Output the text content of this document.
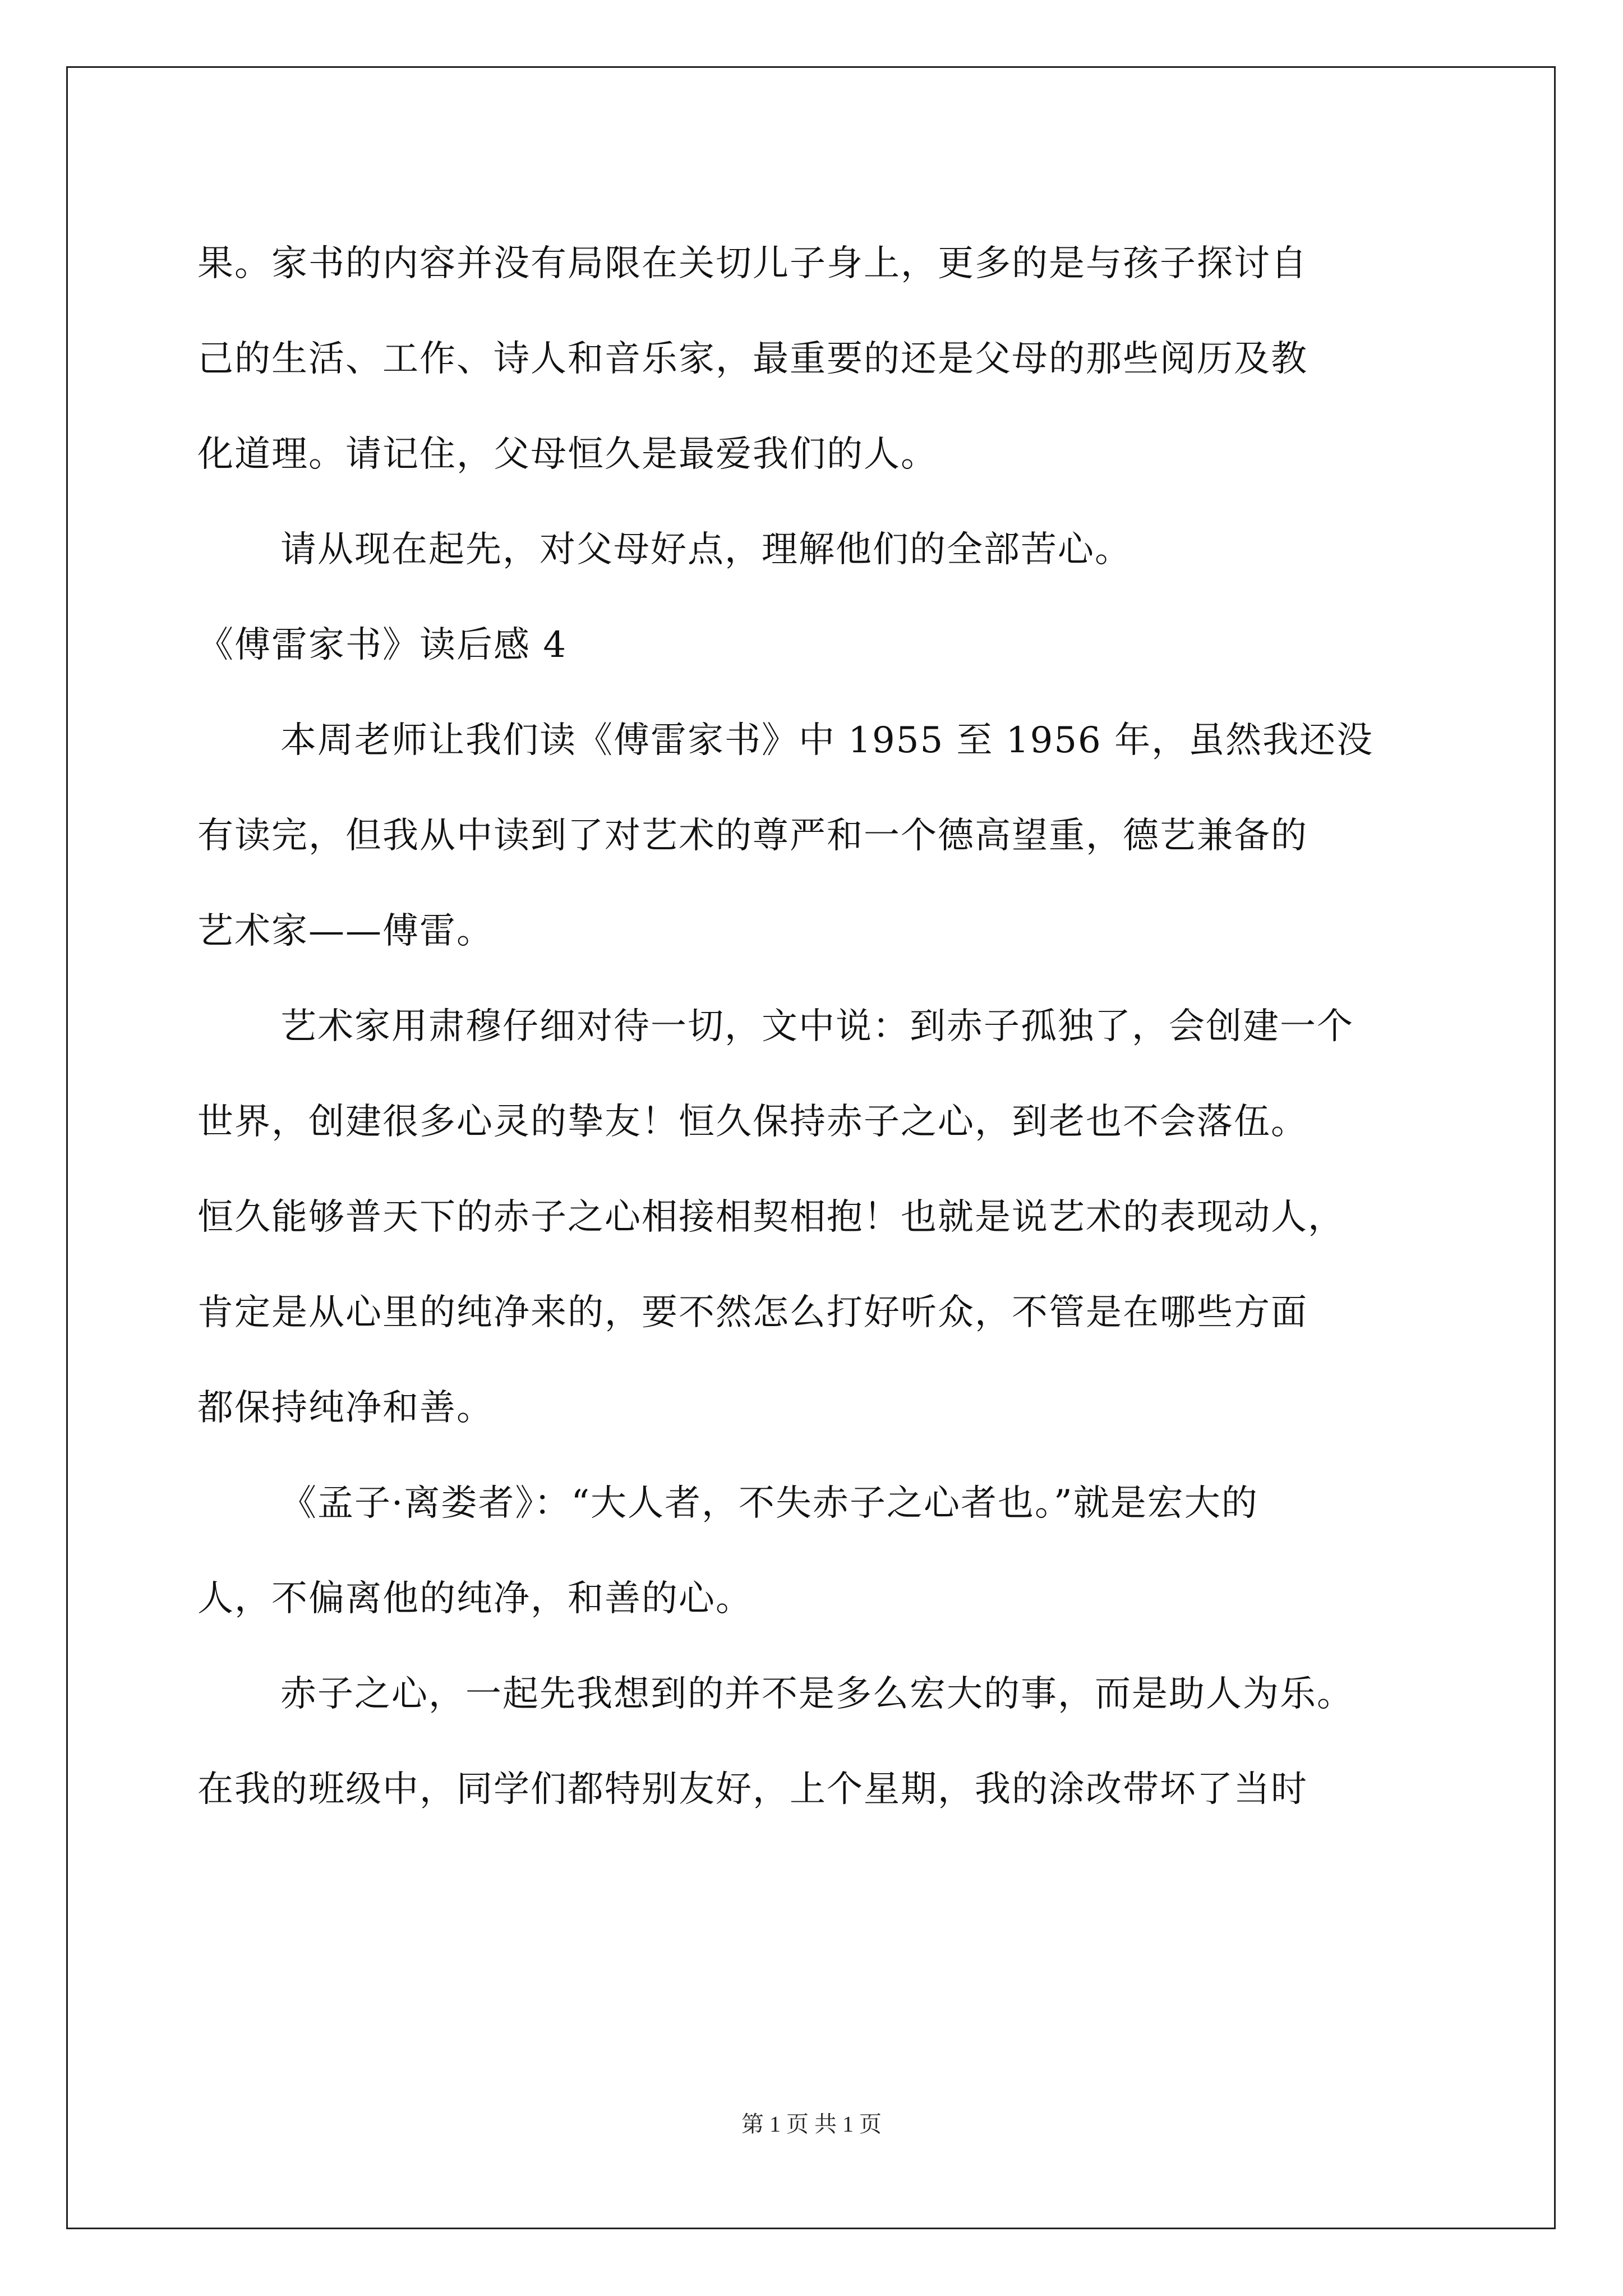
果。家书的内容并没有局限在关切儿子身上，更多的是与孩子探讨自
己的生活、工作、诗人和音乐家，最重要的还是父母的那些阅历及教
化道理。请记住，父母恒久是最爱我们的人。
请从现在起先，对父母好点，理解他们的全部苦心。
《傅雷家书》读后感 4
本周老师让我们读《傅雷家书》中 1955 至 1956 年，虽然我还没
有读完，但我从中读到了对艺术的尊严和一个德高望重，德艺兼备的
艺术家——傅雷。
艺术家用肃穆仔细对待一切，文中说：到赤子孤独了，会创建一个
世界，创建很多心灵的挚友！恒久保持赤子之心，到老也不会落伍。
恒久能够普天下的赤子之心相接相契相抱！也就是说艺术的表现动人，
肯定是从心里的纯净来的，要不然怎么打好听众，不管是在哪些方面
都保持纯净和善。
《孟子·离娄者》：“大人者，不失赤子之心者也。”就是宏大的
人，不偏离他的纯净，和善的心。
赤子之心，一起先我想到的并不是多么宏大的事，而是助人为乐。
在我的班级中，同学们都特别友好，上个星期，我的涂改带坏了当时
第 1 页 共 1 页
